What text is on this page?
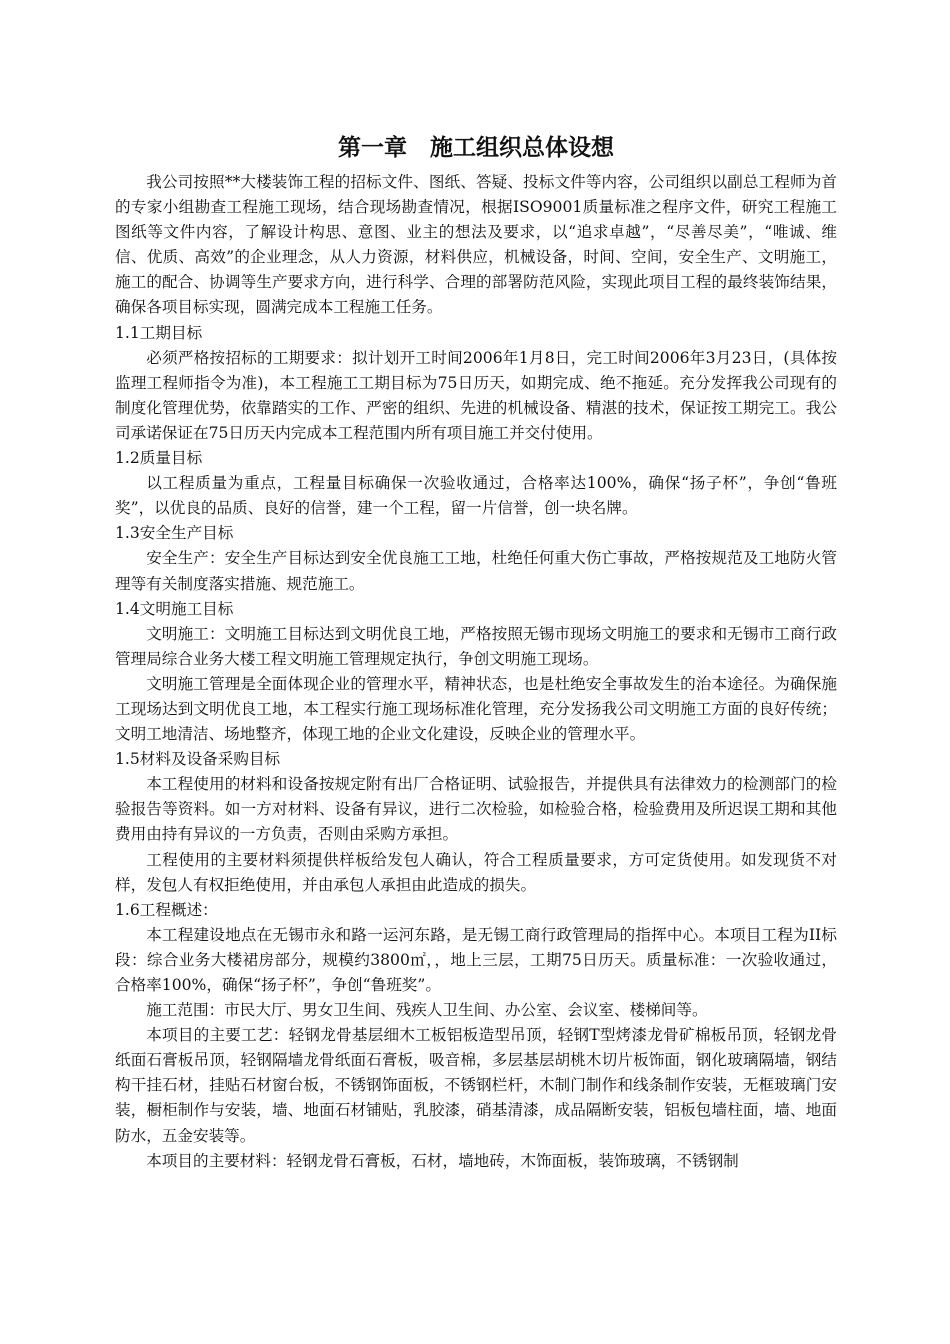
第一章　施工组织总体设想

我公司按照**大楼装饰工程的招标文件、图纸、答疑、投标文件等内容，公司组织以副总工程师为首的专家小组勘查工程施工现场，结合现场勘查情况，根据ISO9001质量标准之程序文件，研究工程施工图纸等文件内容，了解设计构思、意图、业主的想法及要求，以“追求卓越”，“尽善尽美”，“唯诚、维信、优质、高效”的企业理念，从人力资源，材料供应，机械设备，时间、空间，安全生产、文明施工，施工的配合、协调等生产要求方向，进行科学、合理的部署防范风险，实现此项目工程的最终装饰结果，确保各项目标实现，圆满完成本工程施工任务。

1.1工期目标

必须严格按招标的工期要求：拟计划开工时间2006年1月8日，完工时间2006年3月23日，(具体按监理工程师指令为准)，本工程施工工期目标为75日历天，如期完成、绝不拖延。充分发挥我公司现有的制度化管理优势，依靠踏实的工作、严密的组织、先进的机械设备、精湛的技术，保证按工期完工。我公司承诺保证在75日历天内完成本工程范围内所有项目施工并交付使用。

1.2质量目标

以工程质量为重点，工程量目标确保一次验收通过，合格率达100%，确保“扬子杯”，争创“鲁班奖”，以优良的品质、良好的信誉，建一个工程，留一片信誉，创一块名牌。

1.3安全生产目标

安全生产：安全生产目标达到安全优良施工工地，杜绝任何重大伤亡事故，严格按规范及工地防火管理等有关制度落实措施、规范施工。

1.4文明施工目标

文明施工：文明施工目标达到文明优良工地，严格按照无锡市现场文明施工的要求和无锡市工商行政管理局综合业务大楼工程文明施工管理规定执行，争创文明施工现场。

文明施工管理是全面体现企业的管理水平，精神状态，也是杜绝安全事故发生的治本途径。为确保施工现场达到文明优良工地，本工程实行施工现场标准化管理，充分发扬我公司文明施工方面的良好传统；文明工地清洁、场地整齐，体现工地的企业文化建设，反映企业的管理水平。

1.5材料及设备采购目标

本工程使用的材料和设备按规定附有出厂合格证明、试验报告，并提供具有法律效力的检测部门的检验报告等资料。如一方对材料、设备有异议，进行二次检验，如检验合格，检验费用及所迟误工期和其他费用由持有异议的一方负责，否则由采购方承担。

工程使用的主要材料须提供样板给发包人确认，符合工程质量要求，方可定货使用。如发现货不对样，发包人有权拒绝使用，并由承包人承担由此造成的损失。

1.6工程概述：

本工程建设地点在无锡市永和路一运河东路，是无锡工商行政管理局的指挥中心。本项目工程为II标段：综合业务大楼裙房部分，规模约3800㎡，，地上三层，工期75日历天。质量标准：一次验收通过，合格率100%，确保“扬子杯”，争创“鲁班奖”。

施工范围：市民大厅、男女卫生间、残疾人卫生间、办公室、会议室、楼梯间等。

本项目的主要工艺：轻钢龙骨基层细木工板铝板造型吊顶，轻钢T型烤漆龙骨矿棉板吊顶，轻钢龙骨纸面石膏板吊顶，轻钢隔墙龙骨纸面石膏板，吸音棉，多层基层胡桃木切片板饰面，钢化玻璃隔墙，钢结构干挂石材，挂贴石材窗台板，不锈钢饰面板，不锈钢栏杆，木制门制作和线条制作安装，无框玻璃门安装，橱柜制作与安装，墙、地面石材铺贴，乳胶漆，硝基清漆，成品隔断安装，铝板包墙柱面，墙、地面防水，五金安装等。

本项目的主要材料：轻钢龙骨石膏板，石材，墙地砖，木饰面板，装饰玻璃，不锈钢制
